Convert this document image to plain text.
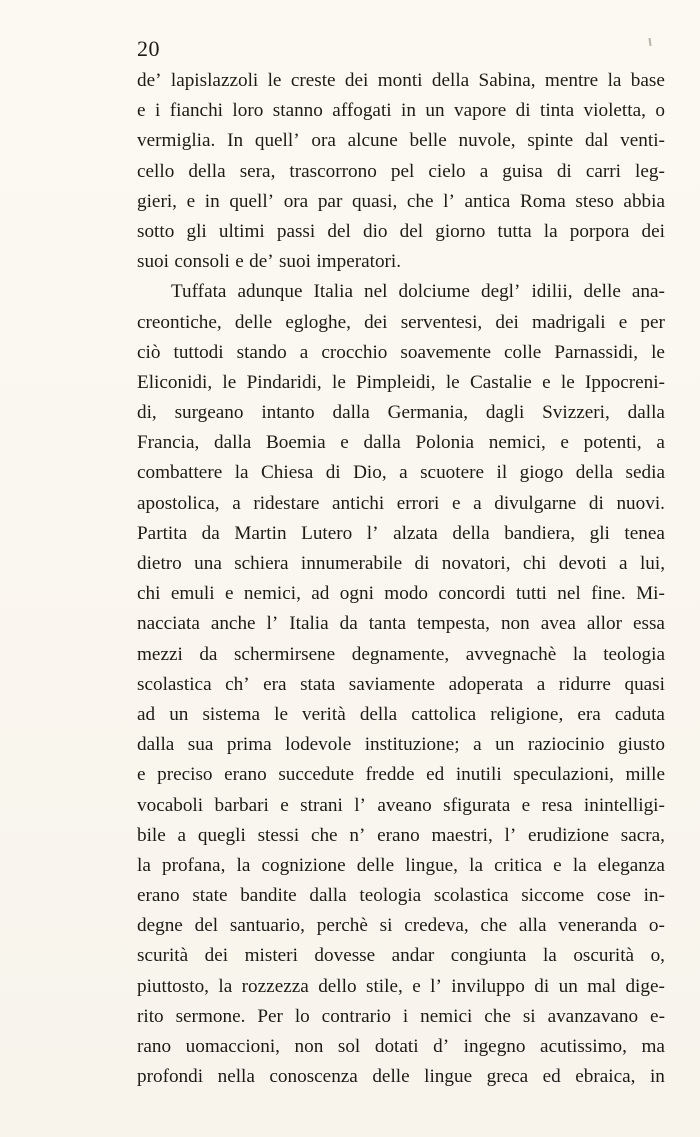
20
de’ lapislazzoli le creste dei monti della Sabina, mentre la base
e i fianchi loro stanno affogati in un vapore di tinta violetta, o
vermiglia. In quell’ ora alcune belle nuvole, spinte dal venti-
cello della sera, trascorrono pel cielo a guisa di carri leg-
gieri, e in quell’ ora par quasi, che l’ antica Roma steso abbia
sotto gli ultimi passi del dio del giorno tutta la porpora dei
suoi consoli e de’ suoi imperatori.
Tuffata adunque Italia nel dolciume degl’ idilii, delle ana-
creontiche, delle egloghe, dei serventesi, dei madrigali e per
ciò tuttodi stando a crocchio soavemente colle Parnassidi, le
Eliconidi, le Pindaridi, le Pimpleidi, le Castalie e le Ippocreni-
di, surgeano intanto dalla Germania, dagli Svizzeri, dalla
Francia, dalla Boemia e dalla Polonia nemici, e potenti, a
combattere la Chiesa di Dio, a scuotere il giogo della sedia
apostolica, a ridestare antichi errori e a divulgarne di nuovi.
Partita da Martin Lutero l’ alzata della bandiera, gli tenea
dietro una schiera innumerabile di novatori, chi devoti a lui,
chi emuli e nemici, ad ogni modo concordi tutti nel fine. Mi-
nacciata anche l’ Italia da tanta tempesta, non avea allor essa
mezzi da schermirsene degnamente, avvegnachè la teologia
scolastica ch’ era stata saviamente adoperata a ridurre quasi
ad un sistema le verità della cattolica religione, era caduta
dalla sua prima lodevole instituzione; a un raziocinio giusto
e preciso erano succedute fredde ed inutili speculazioni, mille
vocaboli barbari e strani l’ aveano sfigurata e resa inintelligi-
bile a quegli stessi che n’ erano maestri, l’ erudizione sacra,
la profana, la cognizione delle lingue, la critica e la eleganza
erano state bandite dalla teologia scolastica siccome cose in-
degne del santuario, perchè si credeva, che alla veneranda o-
scurità dei misteri dovesse andar congiunta la oscurità o,
piuttosto, la rozzezza dello stile, e l’ inviluppo di un mal dige-
rito sermone. Per lo contrario i nemici che si avanzavano e-
rano uomaccioni, non sol dotati d’ ingegno acutissimo, ma
profondi nella conoscenza delle lingue greca ed ebraica, in
